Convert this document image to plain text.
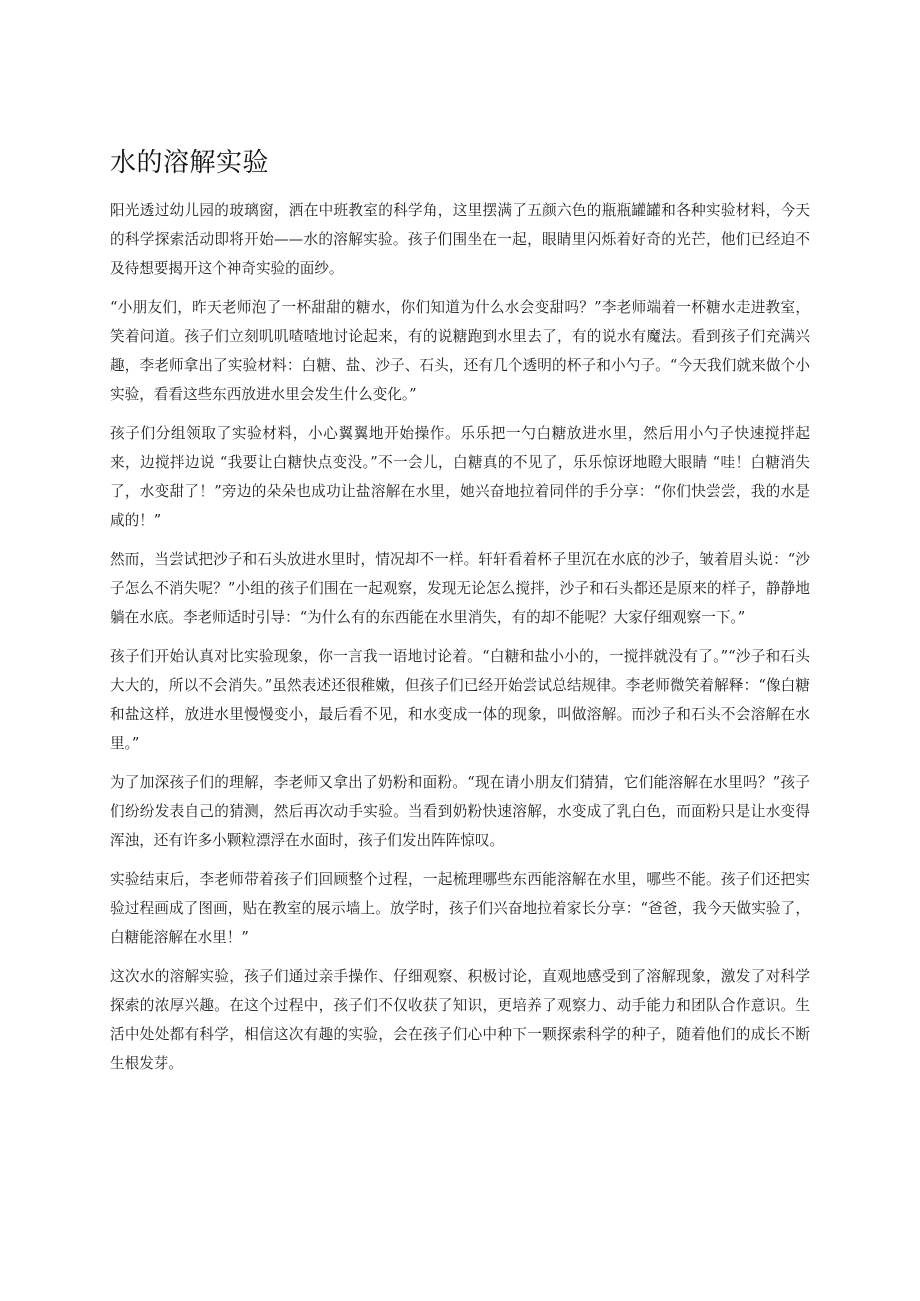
水的溶解实验

阳光透过幼儿园的玻璃窗，洒在中班教室的科学角，这里摆满了五颜六色的瓶瓶罐罐和各种实验材料，今天的科学探索活动即将开始——水的溶解实验。孩子们围坐在一起，眼睛里闪烁着好奇的光芒，他们已经迫不及待想要揭开这个神奇实验的面纱。

“小朋友们，昨天老师泡了一杯甜甜的糖水，你们知道为什么水会变甜吗？”李老师端着一杯糖水走进教室，笑着问道。孩子们立刻叽叽喳喳地讨论起来，有的说糖跑到水里去了，有的说水有魔法。看到孩子们充满兴趣，李老师拿出了实验材料：白糖、盐、沙子、石头，还有几个透明的杯子和小勺子。“今天我们就来做个小实验，看看这些东西放进水里会发生什么变化。”

孩子们分组领取了实验材料，小心翼翼地开始操作。乐乐把一勺白糖放进水里，然后用小勺子快速搅拌起来，边搅拌边说 “我要让白糖快点变没。”不一会儿，白糖真的不见了，乐乐惊讶地瞪大眼睛 “哇！白糖消失了，水变甜了！”旁边的朵朵也成功让盐溶解在水里，她兴奋地拉着同伴的手分享：“你们快尝尝，我的水是咸的！”

然而，当尝试把沙子和石头放进水里时，情况却不一样。轩轩看着杯子里沉在水底的沙子，皱着眉头说：“沙子怎么不消失呢？”小组的孩子们围在一起观察，发现无论怎么搅拌，沙子和石头都还是原来的样子，静静地躺在水底。李老师适时引导：“为什么有的东西能在水里消失，有的却不能呢？大家仔细观察一下。”

孩子们开始认真对比实验现象，你一言我一语地讨论着。“白糖和盐小小的，一搅拌就没有了。”“沙子和石头大大的，所以不会消失。”虽然表述还很稚嫩，但孩子们已经开始尝试总结规律。李老师微笑着解释：“像白糖和盐这样，放进水里慢慢变小，最后看不见，和水变成一体的现象，叫做溶解。而沙子和石头不会溶解在水里。”

为了加深孩子们的理解，李老师又拿出了奶粉和面粉。“现在请小朋友们猜猜，它们能溶解在水里吗？”孩子们纷纷发表自己的猜测，然后再次动手实验。当看到奶粉快速溶解，水变成了乳白色，而面粉只是让水变得浑浊，还有许多小颗粒漂浮在水面时，孩子们发出阵阵惊叹。

实验结束后，李老师带着孩子们回顾整个过程，一起梳理哪些东西能溶解在水里，哪些不能。孩子们还把实验过程画成了图画，贴在教室的展示墙上。放学时，孩子们兴奋地拉着家长分享：“爸爸，我今天做实验了，白糖能溶解在水里！”

这次水的溶解实验，孩子们通过亲手操作、仔细观察、积极讨论，直观地感受到了溶解现象，激发了对科学探索的浓厚兴趣。在这个过程中，孩子们不仅收获了知识，更培养了观察力、动手能力和团队合作意识。生活中处处都有科学，相信这次有趣的实验，会在孩子们心中种下一颗探索科学的种子，随着他们的成长不断生根发芽。
